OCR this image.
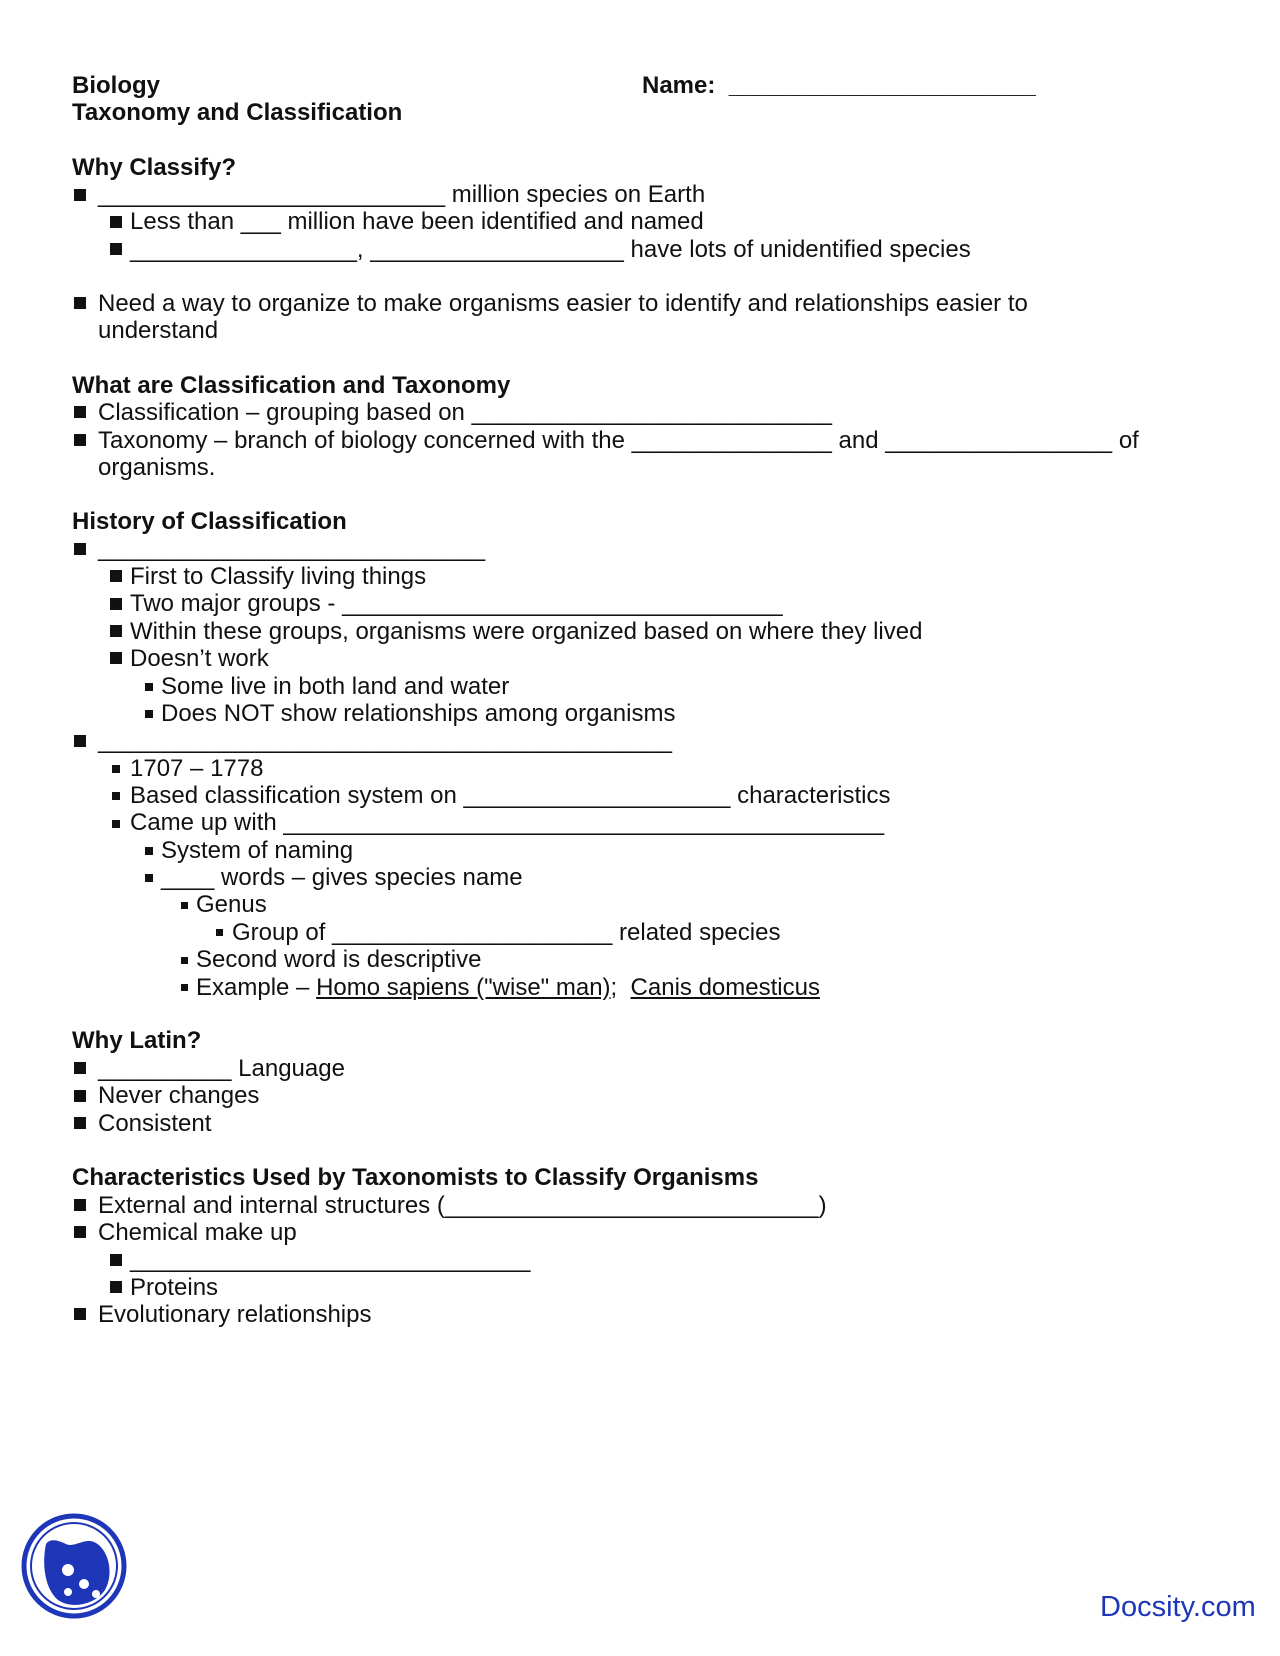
Biology
Taxonomy and Classification
Name:  _______________________
Why Classify?
__________________________ million species on Earth
Less than ___ million have been identified and named
_________________, ___________________ have lots of unidentified species
Need a way to organize to make organisms easier to identify and relationships easier to
understand
What are Classification and Taxonomy
Classification – grouping based on ___________________________
Taxonomy – branch of biology concerned with the _______________ and _________________ of
organisms.
History of Classification
_____________________________
First to Classify living things
Two major groups - _________________________________
Within these groups, organisms were organized based on where they lived
Doesn’t work
Some live in both land and water
Does NOT show relationships among organisms
___________________________________________
1707 – 1778
Based classification system on ____________________ characteristics
Came up with _____________________________________________
System of naming
____ words – gives species name
Genus
Group of _____________________ related species
Second word is descriptive
Example – Homo sapiens ("wise" man);  Canis domesticus
Why Latin?
__________ Language
Never changes
Consistent
Characteristics Used by Taxonomists to Classify Organisms
External and internal structures (____________________________)
Chemical make up
______________________________
Proteins
Evolutionary relationships
Docsity.com
